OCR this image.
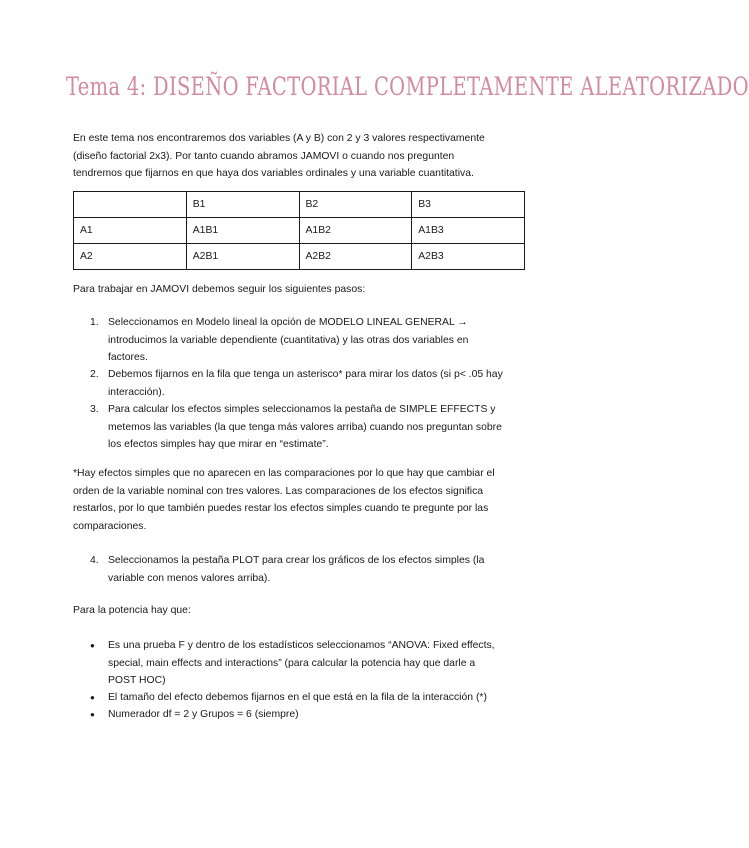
Tema 4: DISEÑO FACTORIAL COMPLETAMENTE ALEATORIZADO
En este tema nos encontraremos dos variables (A y B) con 2 y 3 valores respectivamente
(diseño factorial 2x3). Por tanto cuando abramos JAMOVI o cuando nos pregunten
tendremos que fijarnos en que haya dos variables ordinales y una variable cuantitativa.
	B1	B2	B3
A1	A1B1	A1B2	A1B3
A2	A2B1	A2B2	A2B3
Para trabajar en JAMOVI debemos seguir los siguientes pasos:
1. Seleccionamos en Modelo lineal la opción de MODELO LINEAL GENERAL →
introducimos la variable dependiente (cuantitativa) y las otras dos variables en
factores.
2. Debemos fijarnos en la fila que tenga un asterisco* para mirar los datos (si p< .05 hay
interacción).
3. Para calcular los efectos simples seleccionamos la pestaña de SIMPLE EFFECTS y
metemos las variables (la que tenga más valores arriba) cuando nos preguntan sobre
los efectos simples hay que mirar en “estimate”.
*Hay efectos simples que no aparecen en las comparaciones por lo que hay que cambiar el
orden de la variable nominal con tres valores. Las comparaciones de los efectos significa
restarlos, por lo que también puedes restar los efectos simples cuando te pregunte por las
comparaciones.
4. Seleccionamos la pestaña PLOT para crear los gráficos de los efectos simples (la
variable con menos valores arriba).
Para la potencia hay que:
● Es una prueba F y dentro de los estadísticos seleccionamos “ANOVA: Fixed effects,
special, main effects and interactions” (para calcular la potencia hay que darle a
POST HOC)
● El tamaño del efecto debemos fijarnos en el que está en la fila de la interacción (*)
● Numerador df = 2 y Grupos = 6 (siempre)
